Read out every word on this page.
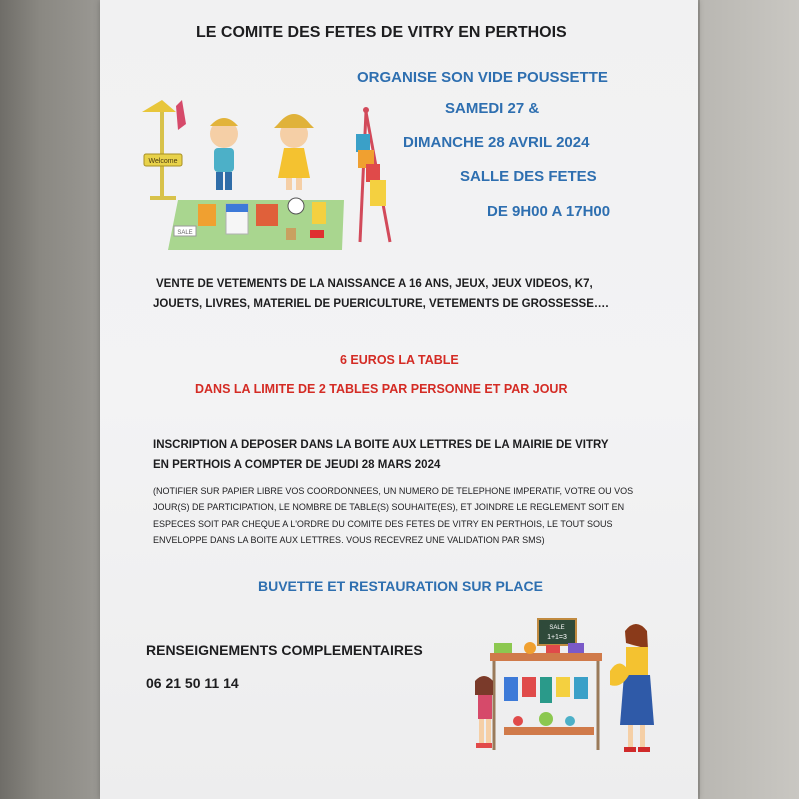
LE COMITE DES FETES DE VITRY EN PERTHOIS
ORGANISE SON VIDE POUSSETTE
SAMEDI 27 &
DIMANCHE 28 AVRIL 2024
SALLE DES FETES
DE 9H00 A 17H00
Welcome
SALE
VENTE DE VETEMENTS DE LA NAISSANCE A 16 ANS, JEUX, JEUX VIDEOS, K7,
JOUETS, LIVRES, MATERIEL DE PUERICULTURE, VETEMENTS DE GROSSESSE….
6 EUROS LA TABLE
DANS LA LIMITE DE 2 TABLES PAR PERSONNE ET PAR JOUR
INSCRIPTION A DEPOSER DANS LA BOITE AUX LETTRES DE LA MAIRIE DE VITRY
EN PERTHOIS A COMPTER DE JEUDI 28 MARS 2024
(NOTIFIER SUR PAPIER LIBRE VOS COORDONNEES, UN NUMERO DE TELEPHONE IMPERATIF, VOTRE OU VOS
JOUR(S) DE PARTICIPATION, LE NOMBRE DE TABLE(S) SOUHAITE(ES), ET JOINDRE LE REGLEMENT SOIT EN
ESPECES SOIT PAR CHEQUE A L'ORDRE DU COMITE DES FETES DE VITRY EN PERTHOIS, LE TOUT SOUS
ENVELOPPE DANS LA BOITE AUX LETTRES. VOUS RECEVREZ UNE VALIDATION PAR SMS)
BUVETTE ET RESTAURATION SUR PLACE
RENSEIGNEMENTS COMPLEMENTAIRES
06 21 50 11 14
SALE
1+1=3
